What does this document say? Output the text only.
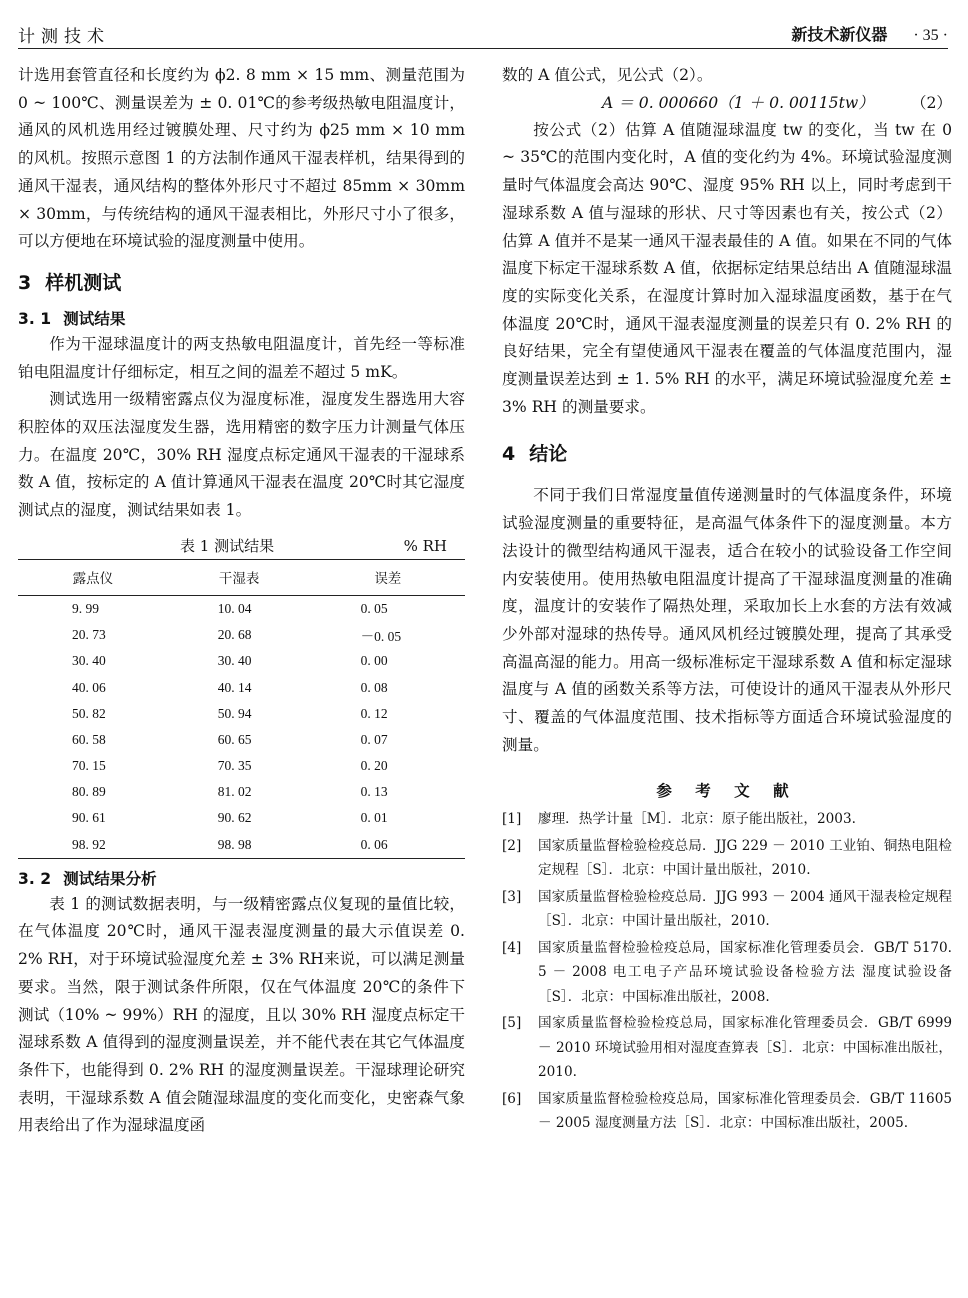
计测技术	新技术新仪器 · 35 ·

计选用套管直径和长度约为 ϕ2. 8 mm × 15 mm、测量范围为 0 ~ 100℃、测量误差为 ± 0. 01℃的参考级热敏电阻温度计，通风的风机选用经过镀膜处理、尺寸约为 ϕ25 mm × 10 mm 的风机。按照示意图 1 的方法制作通风干湿表样机，结果得到的通风干湿表，通风结构的整体外形尺寸不超过 85mm × 30mm × 30mm，与传统结构的通风干湿表相比，外形尺寸小了很多，可以方便地在环境试验的湿度测量中使用。

3 样机测试
3. 1 测试结果

作为干湿球温度计的两支热敏电阻温度计，首先经一等标准铂电阻温度计仔细标定，相互之间的温差不超过 5 mK。

测试选用一级精密露点仪为湿度标准，湿度发生器选用大容积腔体的双压法湿度发生器，选用精密的数字压力计测量气体压力。在温度 20℃，30% RH 湿度点标定通风干湿表的干湿球系数 A 值，按标定的 A 值计算通风干湿表在温度 20℃时其它湿度测试点的湿度，测试结果如表 1。

表 1 测试结果	% RH
露点仪	干湿表	误差
9. 99	10. 04	0. 05
20. 73	20. 68	－0. 05
30. 40	30. 40	0. 00
40. 06	40. 14	0. 08
50. 82	50. 94	0. 12
60. 58	60. 65	0. 07
70. 15	70. 35	0. 20
80. 89	81. 02	0. 13
90. 61	90. 62	0. 01
98. 92	98. 98	0. 06
3. 2 测试结果分析

表 1 的测试数据表明，与一级精密露点仪复现的量值比较，在气体温度 20℃时，通风干湿表湿度测量的最大示值误差 0. 2% RH，对于环境试验湿度允差 ± 3% RH来说，可以满足测量要求。当然，限于测试条件所限，仅在气体温度 20℃的条件下测试（10% ~ 99%）RH 的湿度，且以 30% RH 湿度点标定干湿球系数 A 值得到的湿度测量误差，并不能代表在其它气体温度条件下，也能得到 0. 2% RH 的湿度测量误差。干湿球理论研究表明，干湿球系数 A 值会随湿球温度的变化而变化，史密森气象用表给出了作为湿球温度函

数的 A 值公式，见公式（2）。

A ＝ 0. 000660（1 ＋ 0. 00115tw） （2）

按公式（2）估算 A 值随湿球温度 tw 的变化，当 tw 在 0 ~ 35℃的范围内变化时，A 值的变化约为 4%。环境试验湿度测量时气体温度会高达 90℃、湿度 95% RH 以上，同时考虑到干湿球系数 A 值与湿球的形状、尺寸等因素也有关，按公式（2）估算 A 值并不是某一通风干湿表最佳的 A 值。如果在不同的气体温度下标定干湿球系数 A 值，依据标定结果总结出 A 值随湿球温度的实际变化关系，在湿度计算时加入湿球温度函数，基于在气体温度 20℃时，通风干湿表湿度测量的误差只有 0. 2% RH 的良好结果，完全有望使通风干湿表在覆盖的气体温度范围内，湿度测量误差达到 ± 1. 5% RH 的水平，满足环境试验湿度允差 ± 3% RH 的测量要求。

4 结论

不同于我们日常湿度量值传递测量时的气体温度条件，环境试验湿度测量的重要特征，是高温气体条件下的湿度测量。本方法设计的微型结构通风干湿表，适合在较小的试验设备工作空间内安装使用。使用热敏电阻温度计提高了干湿球温度测量的准确度，温度计的安装作了隔热处理，采取加长上水套的方法有效减少外部对湿球的热传导。通风风机经过镀膜处理，提高了其承受高温高湿的能力。用高一级标准标定干湿球系数 A 值和标定湿球温度与 A 值的函数关系等方法，可使设计的通风干湿表从外形尺寸、覆盖的气体温度范围、技术指标等方面适合环境试验湿度的测量。

参 考 文 献
[1] 廖理．热学计量［M］．北京：原子能出版社，2003.
[2] 国家质量监督检验检疫总局．JJG 229 － 2010 工业铂、铜热电阻检定规程［S］．北京：中国计量出版社，2010.
[3] 国家质量监督检验检疫总局．JJG 993 － 2004 通风干湿表检定规程［S］．北京：中国计量出版社，2010.
[4] 国家质量监督检验检疫总局，国家标准化管理委员会．GB/T 5170. 5 － 2008 电工电子产品环境试验设备检验方法 湿度试验设备［S］．北京：中国标准出版社，2008.
[5] 国家质量监督检验检疫总局，国家标准化管理委员会．GB/T 6999 － 2010 环境试验用相对湿度查算表［S］．北京：中国标准出版社，2010.
[6] 国家质量监督检验检疫总局，国家标准化管理委员会．GB/T 11605 － 2005 湿度测量方法［S］．北京：中国标准出版社，2005.
